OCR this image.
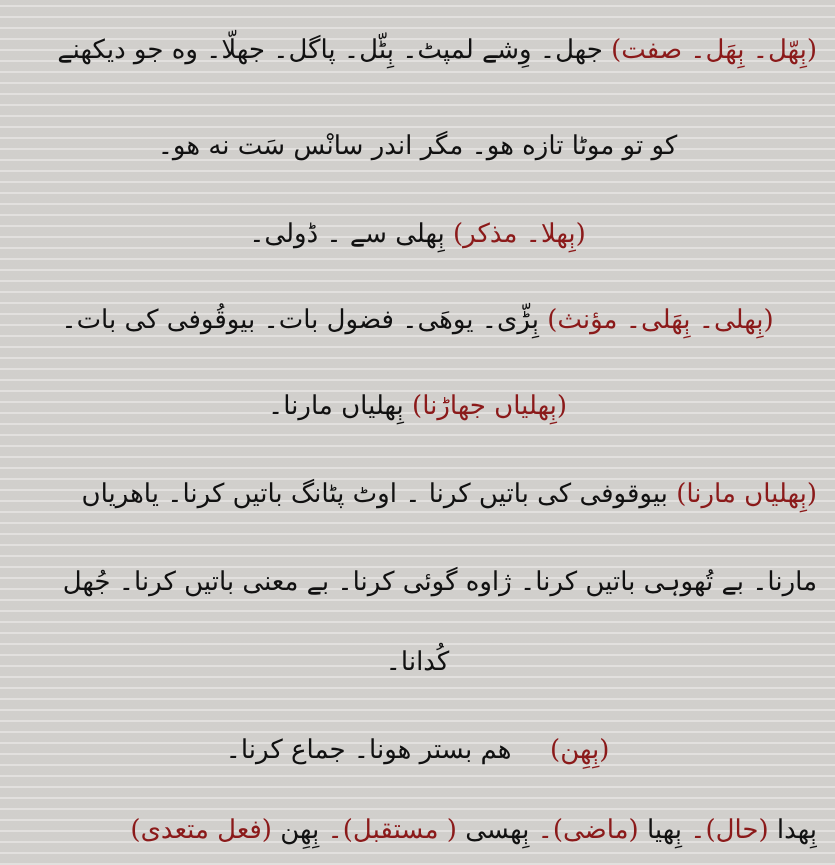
(ٻِهّل۔ ٻِهَل۔ صفت) جهل۔ وِشے لمپٹ۔ ٻِٹّل۔ پاگل۔ جهلّا۔ وه جو دیکهنے
کو تو موٹا تازه هو۔ مگر اندر سانْس سَت نه هو۔
(ٻِهلا۔ مذکر) ٻِهلی سے ۔ ڈولی۔
(ٻِهلی۔ ٻِهَلی۔ مؤنث) ٻِڑّی۔ یوهَی۔ فضول بات۔ بیوقُوفی کی بات۔
(ٻِهلیاں جهاڑنا) ٻِهلیاں مارنا۔
(ٻِهلیاں مارنا) بیوقوفی کی باتیں کرنا ۔ اوٹ پٹانگ باتیں کرنا۔ یاهریاں
مارنا۔ بے تُهوہی باتیں کرنا۔ ژاوه گوئی کرنا۔ بے معنی باتیں کرنا۔ جُهل
کُدانا۔
(ٻِهِن)  هم بستر هونا۔ جماع کرنا۔
ٻِهدا (حال)۔ ٻِهیا (ماضی)۔ ٻِهسی ( مستقبل)۔ ٻِهِن (فعل متعدی)
